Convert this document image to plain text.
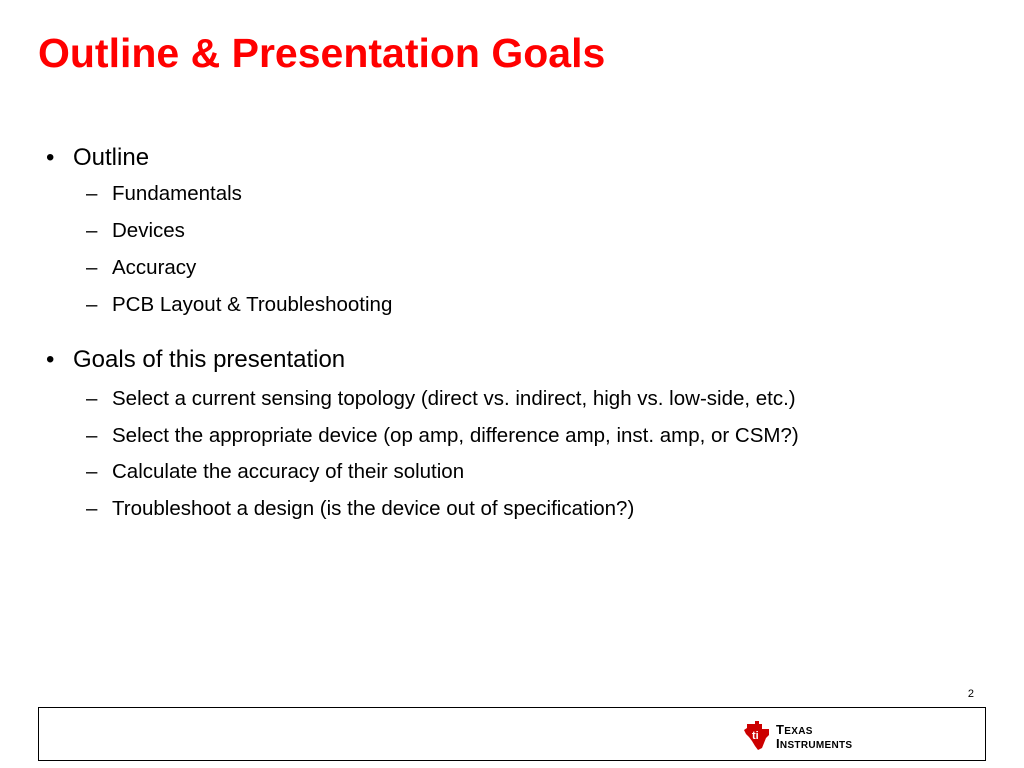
Outline & Presentation Goals
• Outline
– Fundamentals
– Devices
– Accuracy
– PCB Layout & Troubleshooting
• Goals of this presentation
– Select a current sensing topology (direct vs. indirect, high vs. low-side, etc.)
– Select the appropriate device (op amp, difference amp, inst. amp, or CSM?)
– Calculate the accuracy of their solution
– Troubleshoot a design (is the device out of specification?)
2
ti TEXAS
INSTRUMENTS
